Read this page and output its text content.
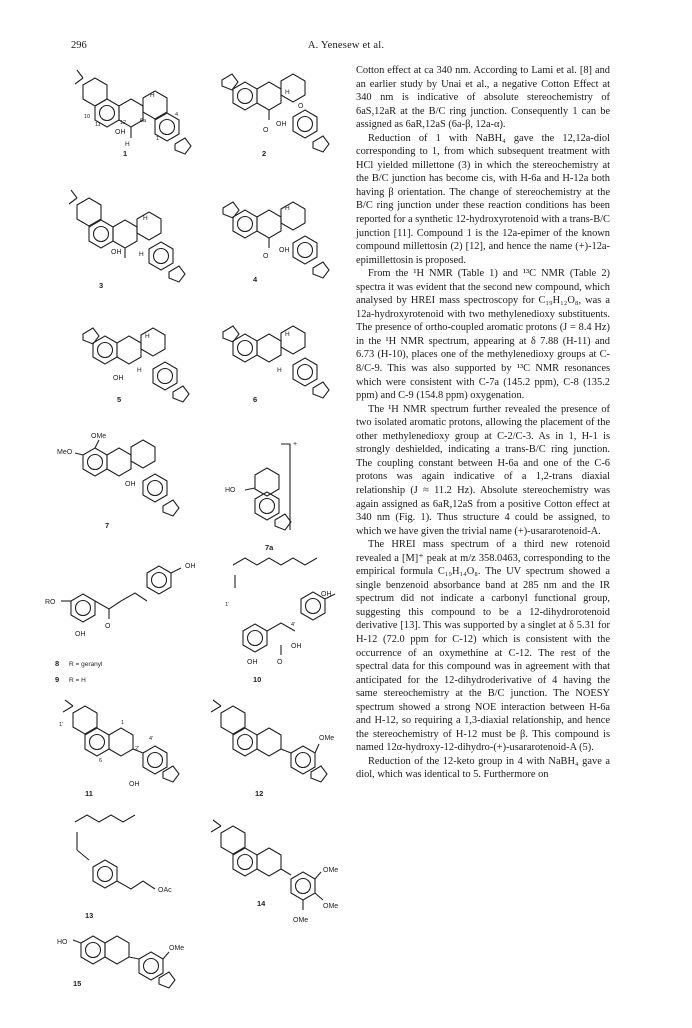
296	A. Yenesew et al.
H
OH
H
12	6a
11
10
1
4
1
H
OH
O
O
2
H
OH	H
3
H
OH
O
4
H
OH
H
5
H
H
6
OMe
MeO
OH
7
+
HO
7a
OH
RO
OH
O
8 R = geranyl
9 R = H
OH
OH
OH	O
1'
4'
10
OH
1'
6
1
2'
4'
11
OMe
12
OAc
13
OMe
OMe
OMe
14
HO
OMe
15

Cotton effect at ca 340 nm. According to Lami et al. [8] and an earlier study by Unai et al., a negative Cotton Effect at 340 nm is indicative of absolute stereochemistry of 6aS,12aR at the B/C ring junction. Consequently 1 can be assigned as 6aR,12aS (6a-β, 12a-α).

Reduction of 1 with NaBH₄ gave the 12,12a-diol corresponding to 1, from which subsequent treatment with HCl yielded millettone (3) in which the stereochemistry at the B/C junction has become cis, with H-6a and H-12a both having β orientation. The change of stereochemistry at the B/C ring junction under these reaction conditions has been reported for a synthetic 12-hydroxyrotenoid with a trans-B/C junction [11]. Compound 1 is the 12a-epimer of the known compound millettosin (2) [12], and hence the name (+)-12a-epimillettosin is proposed.

From the ¹H NMR (Table 1) and ¹³C NMR (Table 2) spectra it was evident that the second new compound, which analysed by HREI mass spectroscopy for C₁₉H₁₂O₈, was a 12a-hydroxyrotenoid with two methylenedioxy substituents. The presence of ortho-coupled aromatic protons (J = 8.4 Hz) in the ¹H NMR spectrum, appearing at δ 7.88 (H-11) and 6.73 (H-10), places one of the methylenedioxy groups at C-8/C-9. This was also supported by ¹³C NMR resonances which were consistent with C-7a (145.2 ppm), C-8 (135.2 ppm) and C-9 (154.8 ppm) oxygenation.

The ¹H NMR spectrum further revealed the presence of two isolated aromatic protons, allowing the placement of the other methylenedioxy group at C-2/C-3. As in 1, H-1 is strongly deshielded, indicating a trans-B/C ring junction. The coupling constant between H-6a and one of the C-6 protons was again indicative of a 1,2-trans diaxial relationship (J ≈ 11.2 Hz). Absolute stereochemistry was again assigned as 6aR,12aS from a positive Cotton effect at 340 nm (Fig. 1). Thus structure 4 could be assigned, to which we have given the trivial name (+)-usararotenoid-A.

The HREI mass spectrum of a third new rotenoid revealed a [M]⁺ peak at m/z 358.0463, corresponding to the empirical formula C₁₉H₁₄O₈. The UV spectrum showed a single benzenoid absorbance band at 285 nm and the IR spectrum did not indicate a carbonyl functional group, suggesting this compound to be a 12-dihydrorotenoid derivative [13]. This was supported by a singlet at δ 5.31 for H-12 (72.0 ppm for C-12) which is consistent with the occurrence of an oxymethine at C-12. The rest of the spectral data for this compound was in agreement with that anticipated for the 12-dihydroderivative of 4 having the same stereochemistry at the B/C junction. The NOESY spectrum showed a strong NOE interaction between H-6a and H-12, so requiring a 1,3-diaxial relationship, and hence the stereochemistry of H-12 must be β. This compound is named 12α-hydroxy-12-dihydro-(+)-usararotenoid-A (5).

Reduction of the 12-keto group in 4 with NaBH₄ gave a diol, which was identical to 5. Furthermore on
